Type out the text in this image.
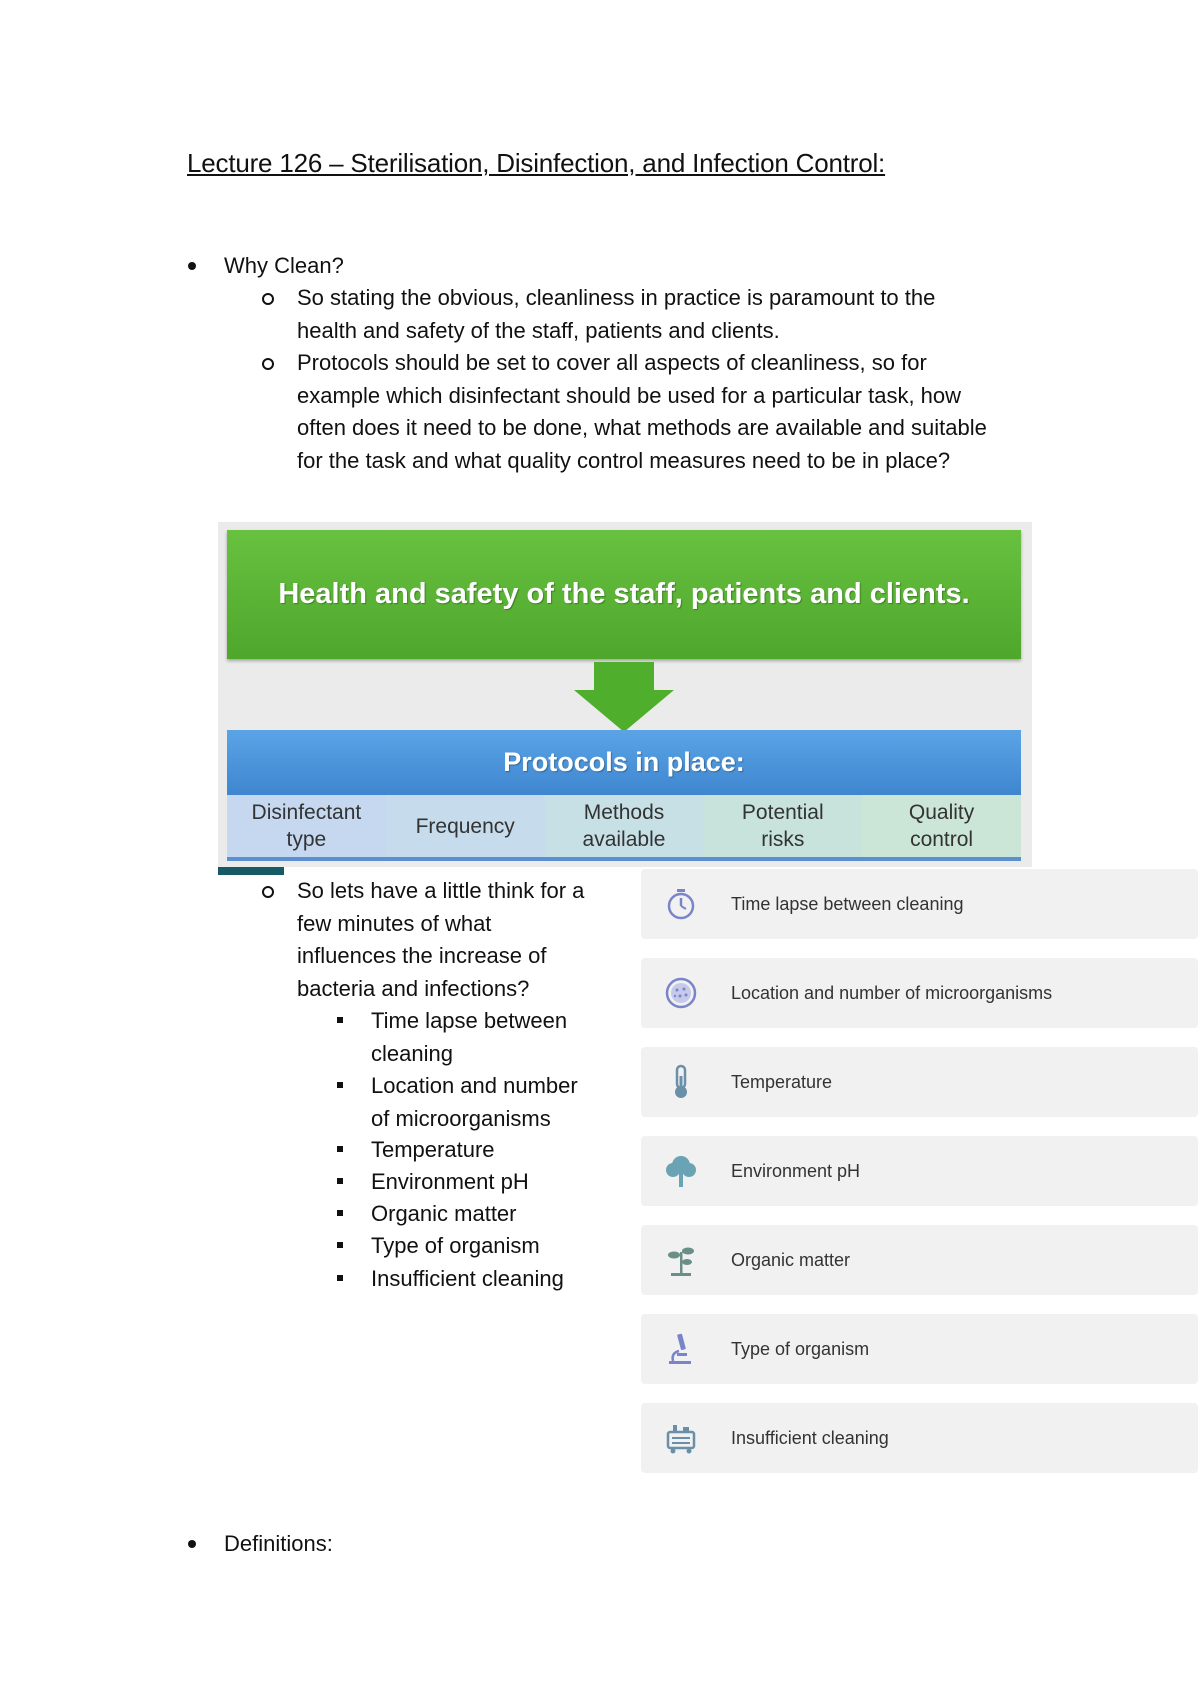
Lecture 126 – Sterilisation, Disinfection, and Infection Control:
Why Clean?
So stating the obvious, cleanliness in practice is paramount to the
health and safety of the staff, patients and clients.
Protocols should be set to cover all aspects of cleanliness, so for
example which disinfectant should be used for a particular task, how
often does it need to be done, what methods are available and suitable
for the task and what quality control measures need to be in place?
Health and safety of the staff, patients and clients.
Protocols in place:
Disinfectant
type
Frequency
Methods
available
Potential
risks
Quality
control
So lets have a little think for a
few minutes of what
influences the increase of
bacteria and infections?
Time lapse between
cleaning
Location and number
of microorganisms
Temperature
Environment pH
Organic matter
Type of organism
Insufficient cleaning
Time lapse between cleaning
Location and number of microorganisms
Temperature
Environment pH
Organic matter
Type of organism
Insufficient cleaning
Definitions:
